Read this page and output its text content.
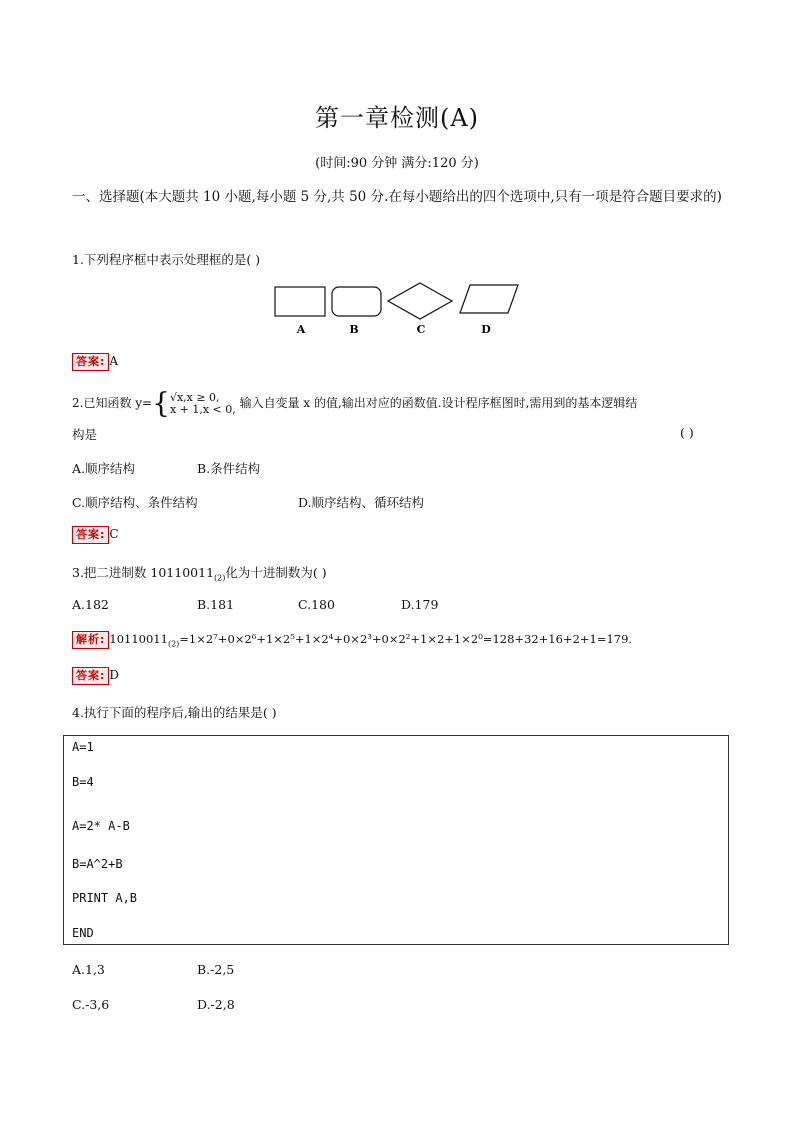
第一章检测(A)
(时间:90 分钟 满分:120 分)
一、选择题(本大题共 10 小题,每小题 5 分,共 50 分.在每小题给出的四个选项中,只有一项是符合题目要求的)
1.下列程序框中表示处理框的是( )
A	B	C	D
答案: A
2.已知函数 y={√x,x ≥ 0,
x + 1,x < 0, 输入自变量 x 的值,输出对应的函数值.设计程序框图时,需用到的基本逻辑结
构是	( )
A.顺序结构	B.条件结构
C.顺序结构、条件结构	D.顺序结构、循环结构
答案: C
3.把二进制数 $10110011_{(2)}$化为十进制数为( )
A.182	B.181	C.180	D.179
解析: $10110011_{(2)}=1\times 2^7+0\times 2^6+1\times 2^5+1\times 2^4+0\times 2^3+0\times 2^2+1\times 2+1\times 2^0=128+32+16+2+1=179$.
答案: D
4.执行下面的程序后,输出的结果是( )
A=1
B=4
A=2* A-B
B=A^2+B
PRINT A,B
END
A.1,3	B.-2,5
C.-3,6	D.-2,8
